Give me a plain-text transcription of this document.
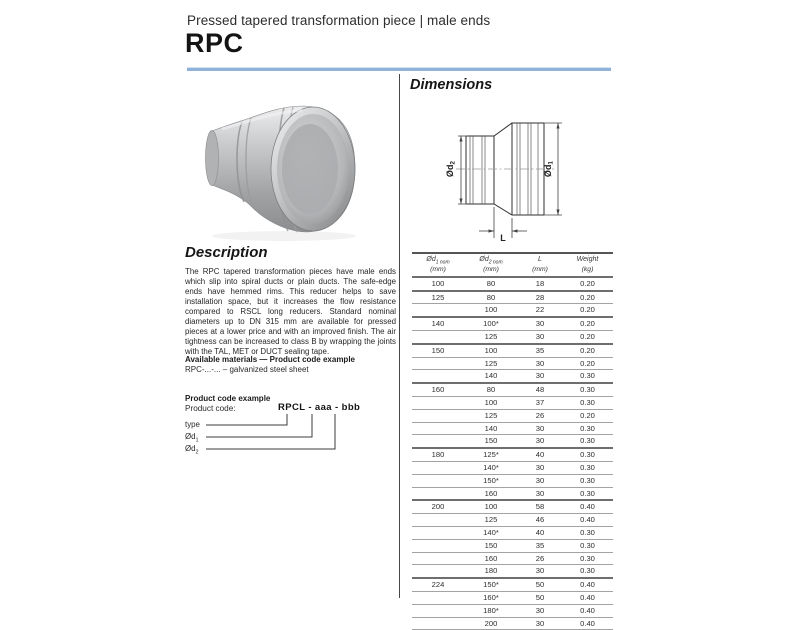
Pressed tapered transformation piece | male ends
RPC
Description
The RPC tapered transformation pieces have male ends which slip into spiral ducts or plain ducts. The safe-edge ends have hemmed rims. This reducer helps to save installation space, but it increases the flow resistance compared to RSCL long reducers. Standard nominal diameters up to DN 315 mm are available for pressed pieces at a lower price and with an improved finish. The air tightness can be increased to class B by wrapping the joints with the TAL, MET or DUCT sealing tape.
Available materials — Product code example
RPC-...-... – galvanized steel sheet
Product code example
Product code:	RPCL - aaa - bbb
type
$Ød_1$
$Ød_2$
Dimensions
Ød2
Ød1
L
$Ød_{1 nom}$
(mm)	$Ød_{2 nom}$
(mm)	L
(mm)	Weight
(kg)

100	80	18	0.20
125	80	28	0.20
	100	22	0.20
140	100*	30	0.20
	125	30	0.20
150	100	35	0.20
	125	30	0.20
	140	30	0.30
160	80	48	0.30
	100	37	0.30
	125	26	0.20
	140	30	0.30
	150	30	0.30
180	125*	40	0.30
	140*	30	0.30
	150*	30	0.30
	160	30	0.30
200	100	58	0.40
	125	46	0.40
	140*	40	0.30
	150	35	0.30
	160	26	0.30
	180	30	0.30
224	150*	50	0.40
	160*	50	0.40
	180*	30	0.40
	200	30	0.40
